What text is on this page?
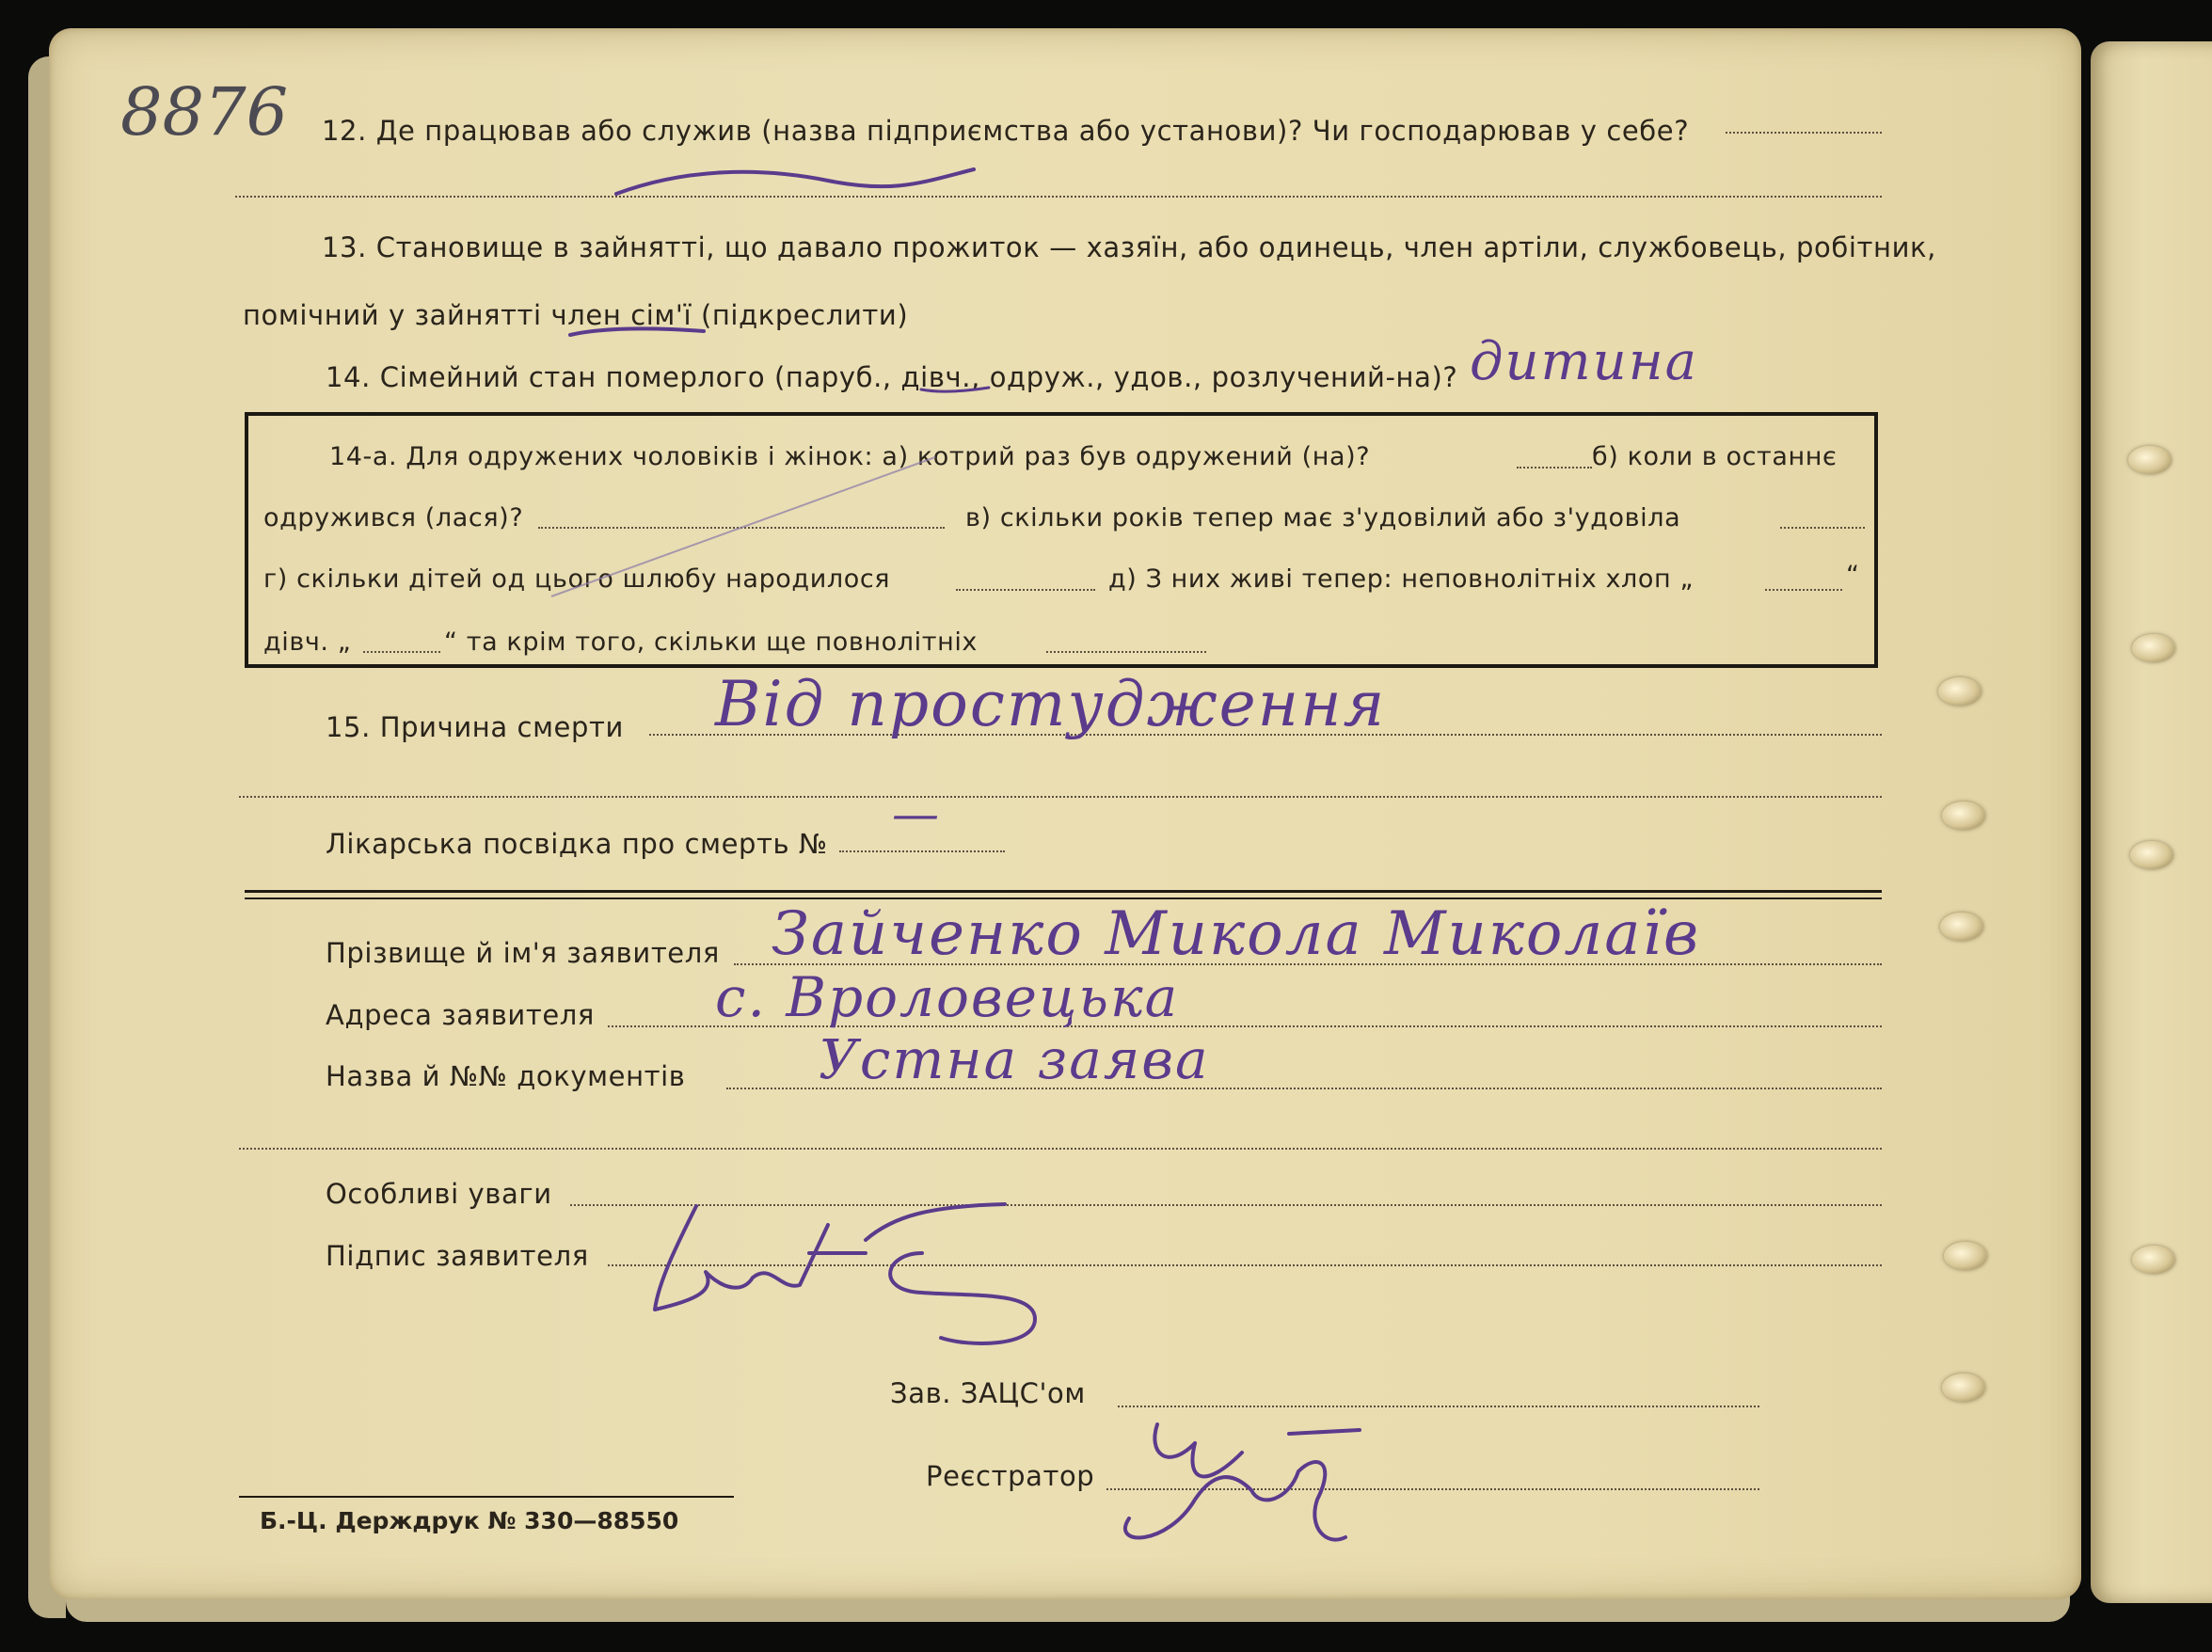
8876 12. Де працював або служив (назва підприємства або установи)? Чи господарював у себе?
13. Становище в зайнятті, що давало прожиток — хазяїн, або одинець, член артіли, службовець, робітник,
помічний у зайнятті член сім'ї (підкреслити)
14. Сімейний стан померлого (паруб., дівч., одруж., удов., розлучений-на)? дитина
14-а. Для одружених чоловіків і жінок: а) котрий раз був одружений (на)?	б) коли в останнє
одружився (лася)?	в) скільки років тепер має з'удовілий або з'удовіла
г) скільки дітей од цього шлюбу народилося	д) З них живі тепер: неповнолітніх хлоп „	“
дівч. „	“ та крім того, скільки ще повнолітніх
15. Причина смерти Від простудження
Лікарська посвідка про смерть №
—
Прізвище й ім'я заявителя Зайченко Микола Миколаїв
Адреса заявителя с. Вроловецька
Назва й №№ документів Устна заява
Особливі уваги
Підпис заявителя
Зав. ЗАЦС'ом
Реєстратор
Б.-Ц. Держдрук № 330—88550
